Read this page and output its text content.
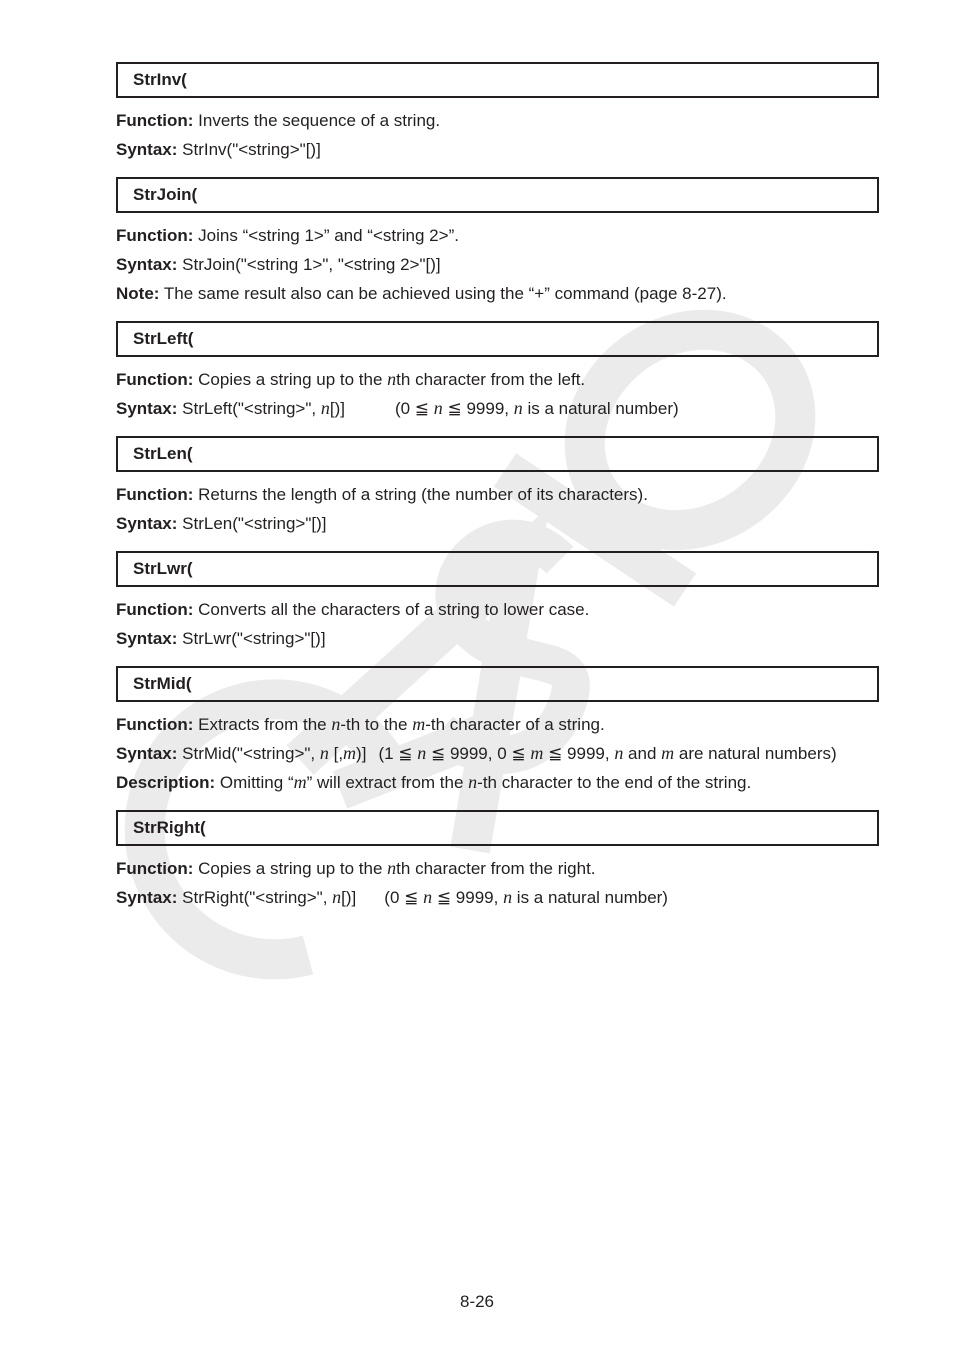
StrInv(
Function: Inverts the sequence of a string.
Syntax: StrInv("<string>"[)]
StrJoin(
Function: Joins “<string 1>” and “<string 2>”.
Syntax: StrJoin("<string 1>", "<string 2>"[)]
Note: The same result also can be achieved using the “+” command (page 8-27).
StrLeft(
Function: Copies a string up to the nth character from the left.
Syntax: StrLeft("<string>", n[)]	(0 ≦ n ≦ 9999, n is a natural number)
StrLen(
Function: Returns the length of a string (the number of its characters).
Syntax: StrLen("<string>"[)]
StrLwr(
Function: Converts all the characters of a string to lower case.
Syntax: StrLwr("<string>"[)]
StrMid(
Function: Extracts from the n-th to the m-th character of a string.
Syntax: StrMid("<string>", n [,m)] (1 ≦ n ≦ 9999, 0 ≦ m ≦ 9999, n and m are natural numbers)
Description: Omitting “m” will extract from the n-th character to the end of the string.
StrRight(
Function: Copies a string up to the nth character from the right.
Syntax: StrRight("<string>", n[)] (0 ≦ n ≦ 9999, n is a natural number)
8-26
